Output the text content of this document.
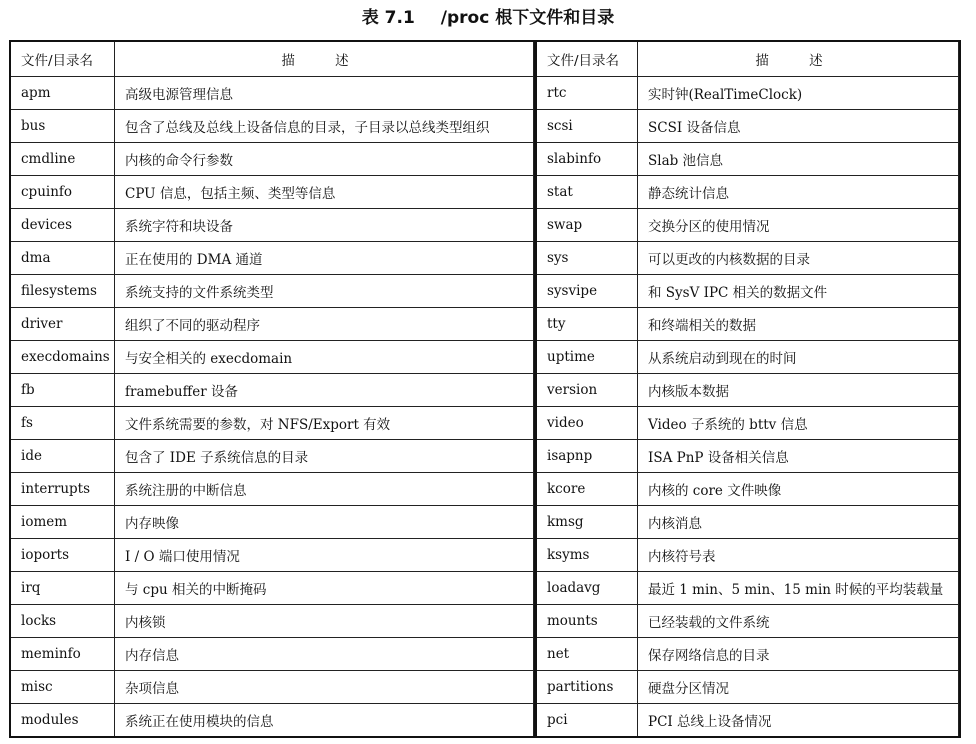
表 7.1 /proc 根下文件和目录
文件/目录名	描 述
apm	高级电源管理信息
bus	包含了总线及总线上设备信息的目录，子目录以总线类型组织
cmdline	内核的命令行参数
cpuinfo	CPU 信息，包括主频、类型等信息
devices	系统字符和块设备
dma	正在使用的 DMA 通道
filesystems	系统支持的文件系统类型
driver	组织了不同的驱动程序
execdomains	与安全相关的 execdomain
fb	framebuffer 设备
fs	文件系统需要的参数，对 NFS/Export 有效
ide	包含了 IDE 子系统信息的目录
interrupts	系统注册的中断信息
iomem	内存映像
ioports	I / O 端口使用情况
irq	与 cpu 相关的中断掩码
locks	内核锁
meminfo	内存信息
misc	杂项信息
modules	系统正在使用模块的信息
文件/目录名	描 述
rtc	实时钟(RealTimeClock)
scsi	SCSI 设备信息
slabinfo	Slab 池信息
stat	静态统计信息
swap	交换分区的使用情况
sys	可以更改的内核数据的目录
sysvipe	和 SysV IPC 相关的数据文件
tty	和终端相关的数据
uptime	从系统启动到现在的时间
version	内核版本数据
video	Video 子系统的 bttv 信息
isapnp	ISA PnP 设备相关信息
kcore	内核的 core 文件映像
kmsg	内核消息
ksyms	内核符号表
loadavg	最近 1 min、5 min、15 min 时候的平均装载量
mounts	已经装载的文件系统
net	保存网络信息的目录
partitions	硬盘分区情况
pci	PCI 总线上设备情况
